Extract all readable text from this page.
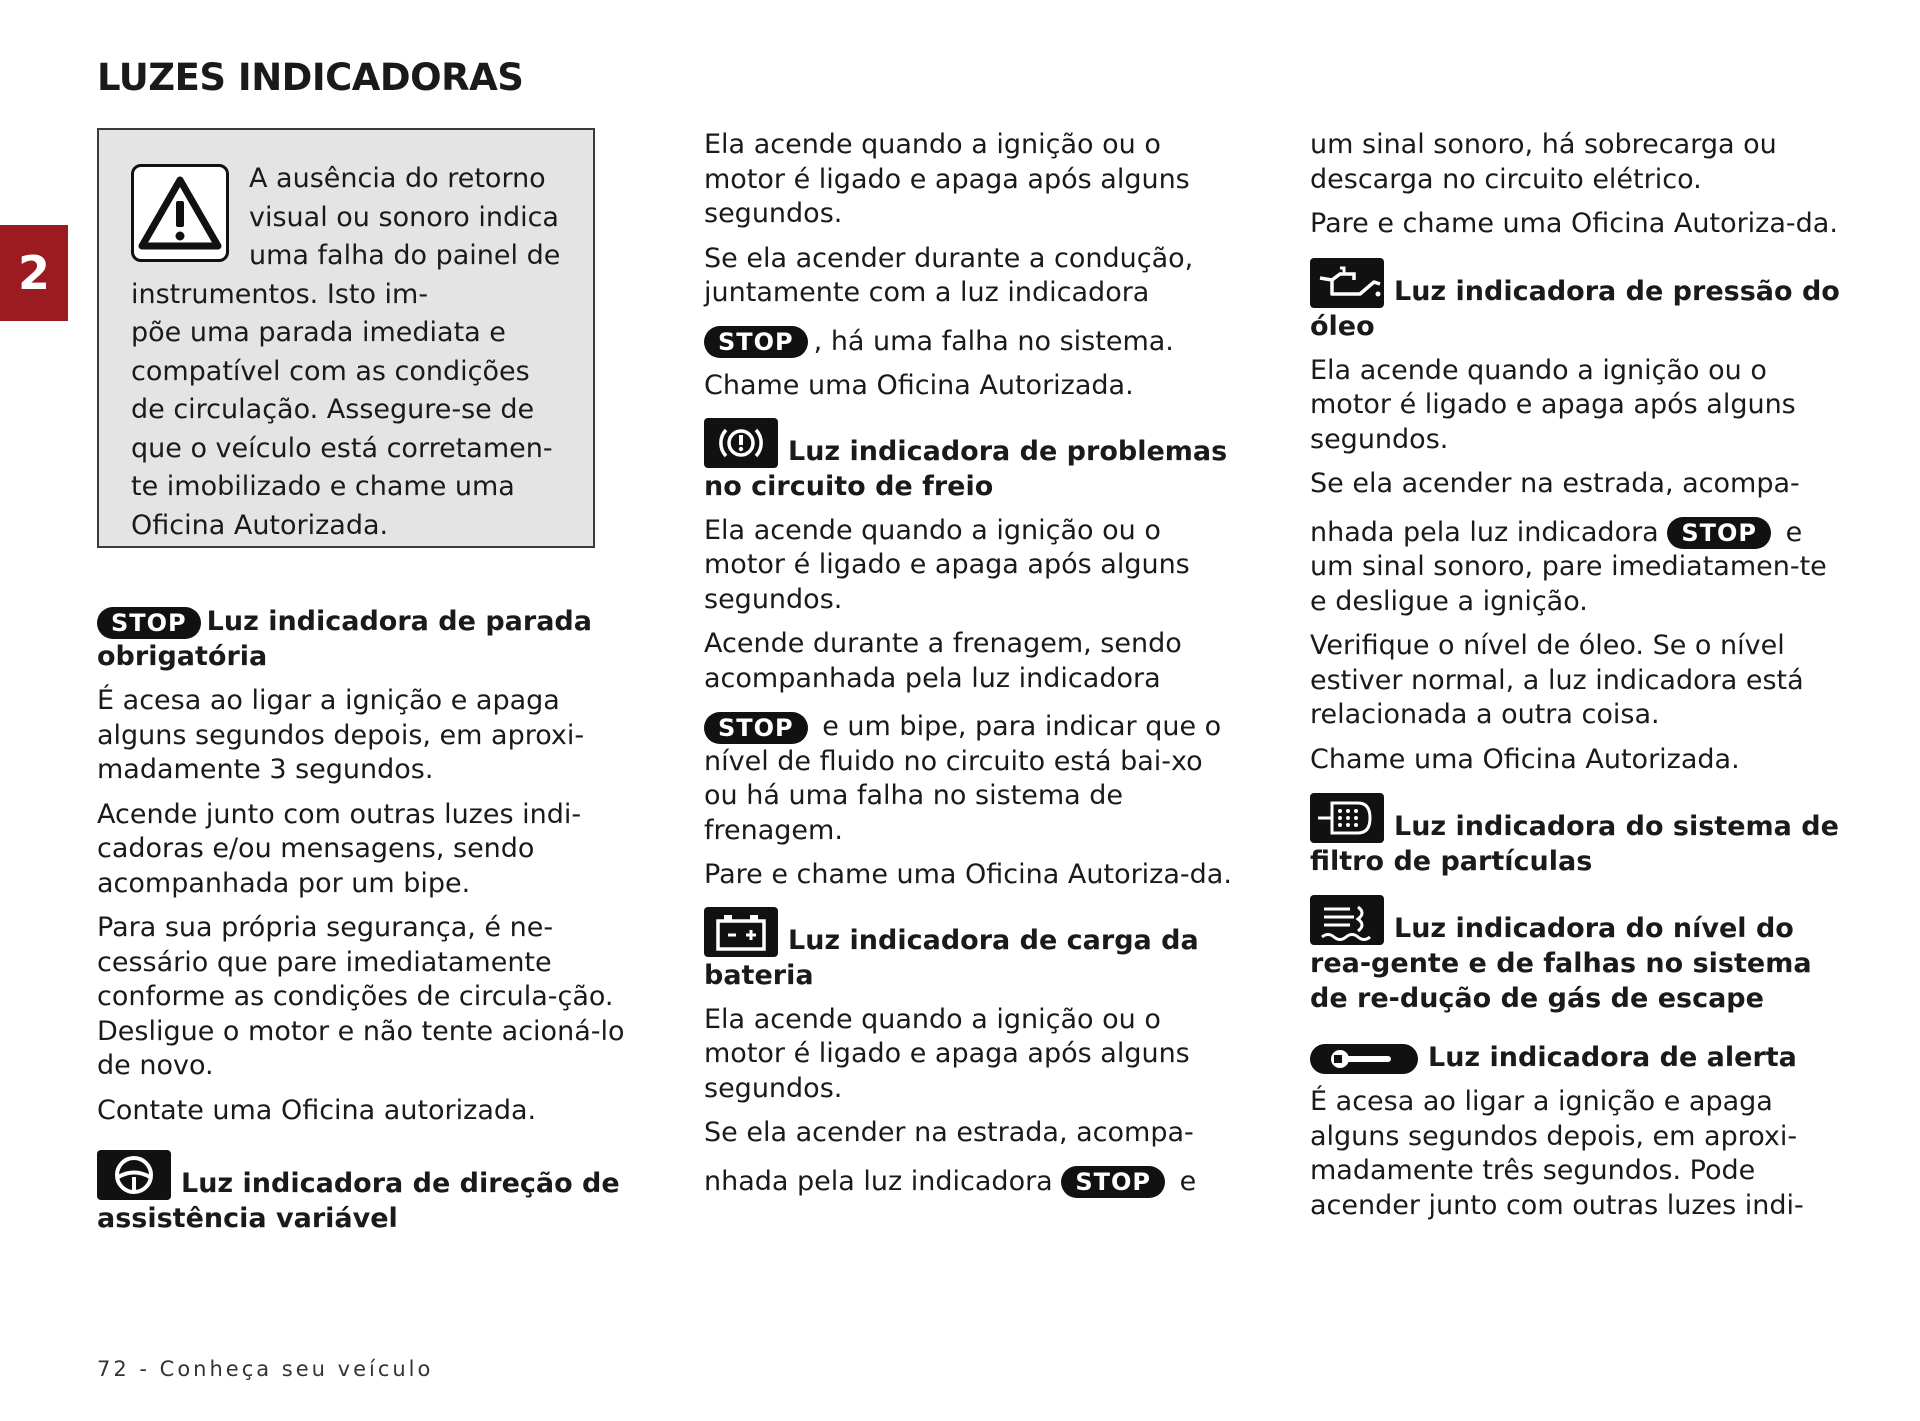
LUZES INDICADORAS
2

A ausência do retorno visual ou sonoro indica uma falha do painel de instrumentos. Isto im-

põe uma parada imediata e compatível com as condições de circulação. Assegure-se de que o veículo está corretamen-te imobilizado e chame uma Oficina Autorizada.

STOP Luz indicadora de parada obrigatória

É acesa ao ligar a ignição e apaga alguns segundos depois, em aproxi-madamente 3 segundos.

Acende junto com outras luzes indi-cadoras e/ou mensagens, sendo acompanhada por um bipe.

Para sua própria segurança, é ne-cessário que pare imediatamente conforme as condições de circula-ção. Desligue o motor e não tente acioná-lo de novo.

Contate uma Oficina autorizada.

Luz indicadora de direção de assistência variável

Ela acende quando a ignição ou o motor é ligado e apaga após alguns segundos.

Se ela acender durante a condução, juntamente com a luz indicadora

STOP , há uma falha no sistema.

Chame uma Oficina Autorizada.

Luz indicadora de problemas no circuito de freio

Ela acende quando a ignição ou o motor é ligado e apaga após alguns segundos.

Acende durante a frenagem, sendo acompanhada pela luz indicadora

STOP e um bipe, para indicar que o nível de fluido no circuito está bai-xo ou há uma falha no sistema de frenagem.

Pare e chame uma Oficina Autoriza-da.

Luz indicadora de carga da bateria

Ela acende quando a ignição ou o motor é ligado e apaga após alguns segundos.

Se ela acender na estrada, acompa-

nhada pela luz indicadora STOP e

um sinal sonoro, há sobrecarga ou descarga no circuito elétrico.

Pare e chame uma Oficina Autoriza-da.

Luz indicadora de pressão do óleo

Ela acende quando a ignição ou o motor é ligado e apaga após alguns segundos.

Se ela acender na estrada, acompa-

nhada pela luz indicadora STOP e um sinal sonoro, pare imediatamen-te e desligue a ignição.

Verifique o nível de óleo. Se o nível estiver normal, a luz indicadora está relacionada a outra coisa.

Chame uma Oficina Autorizada.

Luz indicadora do sistema de filtro de partículas

Luz indicadora do nível do rea-gente e de falhas no sistema de re-dução de gás de escape

Luz indicadora de alerta

É acesa ao ligar a ignição e apaga alguns segundos depois, em aproxi-madamente três segundos. Pode acender junto com outras luzes indi-

72 - Conheça seu veículo
